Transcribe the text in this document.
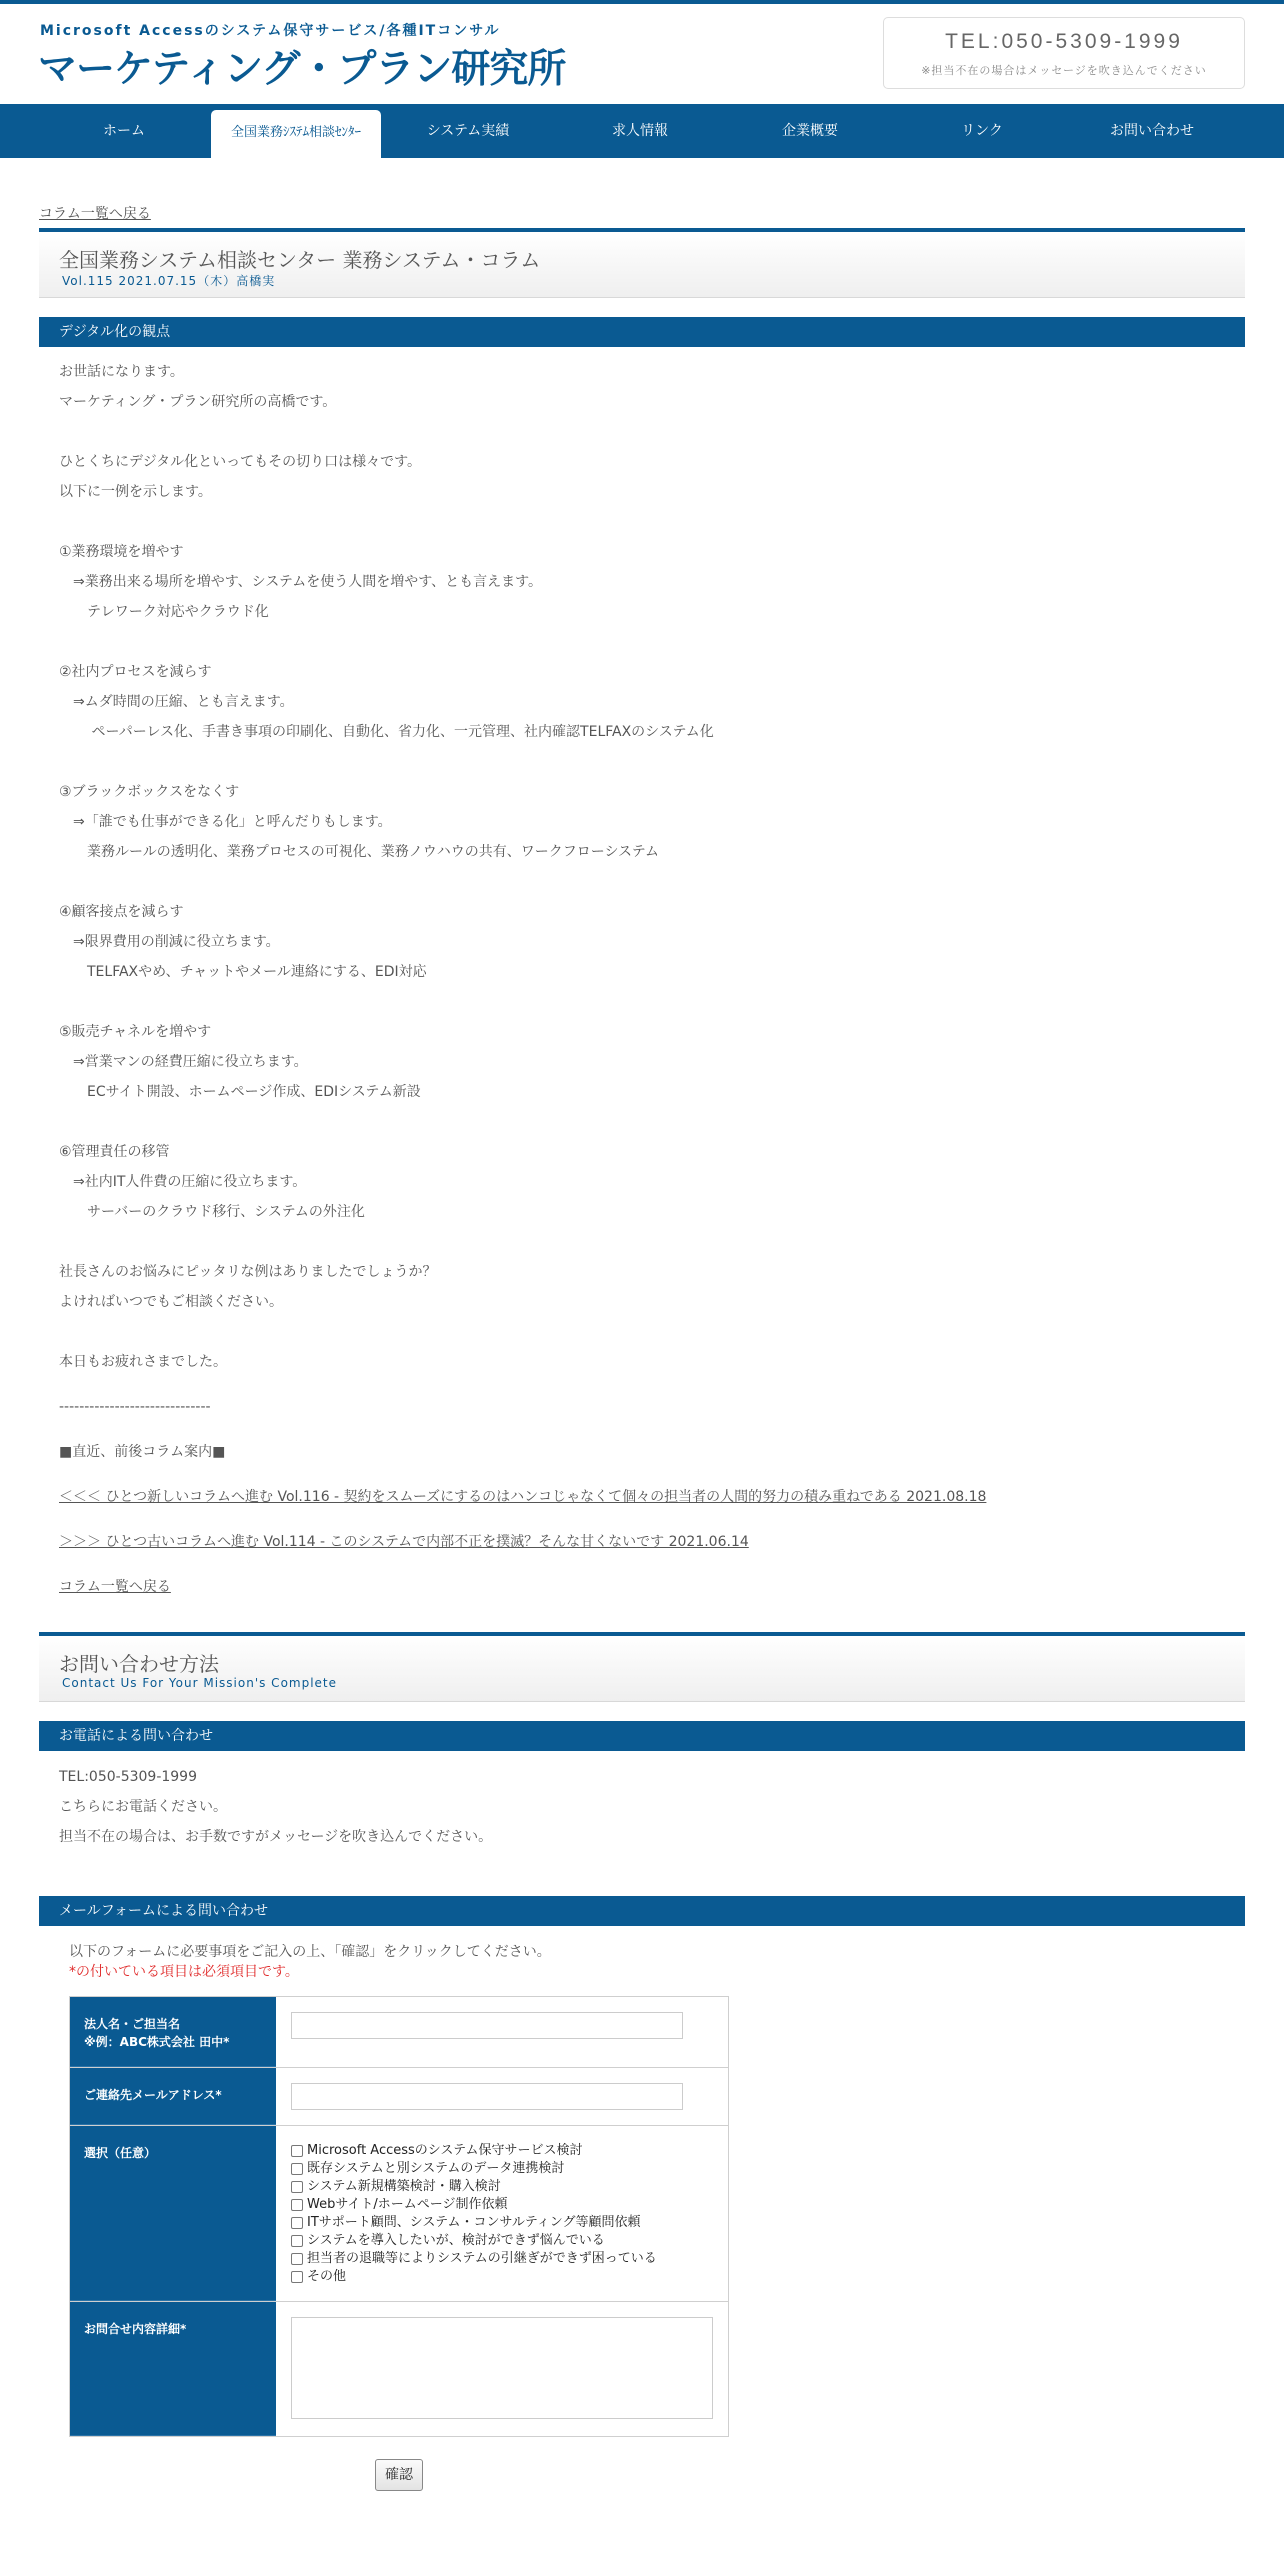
Microsoft Accessのシステム保守サービス/各種ITコンサル
マーケティング・プラン研究所
TEL:050-5309-1999
※担当不在の場合はメッセージを吹き込んでください
ホーム	全国業務ｼｽﾃﾑ相談ｾﾝﾀｰ	システム実績	求人情報	企業概要	リンク	お問い合わせ
コラム一覧へ戻る
全国業務システム相談センター 業務システム・コラム
Vol.115 2021.07.15（木）高橋実
デジタル化の観点
お世話になります。
マーケティング・プラン研究所の高橋です。
ひとくちにデジタル化といってもその切り口は様々です。
以下に一例を示します。
①業務環境を増やす
　⇒業務出来る場所を増やす、システムを使う人間を増やす、とも言えます。
　　テレワーク対応やクラウド化
②社内プロセスを減らす
　⇒ムダ時間の圧縮、とも言えます。
　　 ペーパーレス化、手書き事項の印刷化、自動化、省力化、一元管理、社内確認TELFAXのシステム化
③ブラックボックスをなくす
　⇒「誰でも仕事ができる化」と呼んだりもします。
　　業務ルールの透明化、業務プロセスの可視化、業務ノウハウの共有、ワークフローシステム
④顧客接点を減らす
　⇒限界費用の削減に役立ちます。
　　TELFAXやめ、チャットやメール連絡にする、EDI対応
⑤販売チャネルを増やす
　⇒営業マンの経費圧縮に役立ちます。
　　ECサイト開設、ホームページ作成、EDIシステム新設
⑥管理責任の移管
　⇒社内IT人件費の圧縮に役立ちます。
　　サーバーのクラウド移行、システムの外注化
社長さんのお悩みにピッタリな例はありましたでしょうか？
よければいつでもご相談ください。
本日もお疲れさまでした。
------------------------------
■直近、前後コラム案内■
＜＜＜ ひとつ新しいコラムへ進む Vol.116 - 契約をスムーズにするのはハンコじゃなくて個々の担当者の人間的努力の積み重ねである 2021.08.18
＞＞＞ ひとつ古いコラムへ進む Vol.114 - このシステムで内部不正を撲滅？そんな甘くないです 2021.06.14
コラム一覧へ戻る
お問い合わせ方法
Contact Us For Your Mission's Complete
お電話による問い合わせ
TEL:050-5309-1999
こちらにお電話ください。
担当不在の場合は、お手数ですがメッセージを吹き込んでください。
メールフォームによる問い合わせ
以下のフォームに必要事項をご記入の上、「確認」をクリックしてください。
*の付いている項目は必須項目です。
法人名・ご担当名
※例：ABC株式会社 田中*
ご連絡先メールアドレス*
選択（任意）	Microsoft Accessのシステム保守サービス検討
既存システムと別システムのデータ連携検討
システム新規構築検討・購入検討
Webサイト/ホームページ制作依頼
ITサポート顧問、システム・コンサルティング等顧問依頼
システムを導入したいが、検討ができず悩んでいる
担当者の退職等によりシステムの引継ぎができず困っている
その他
お問合せ内容詳細*
確認
